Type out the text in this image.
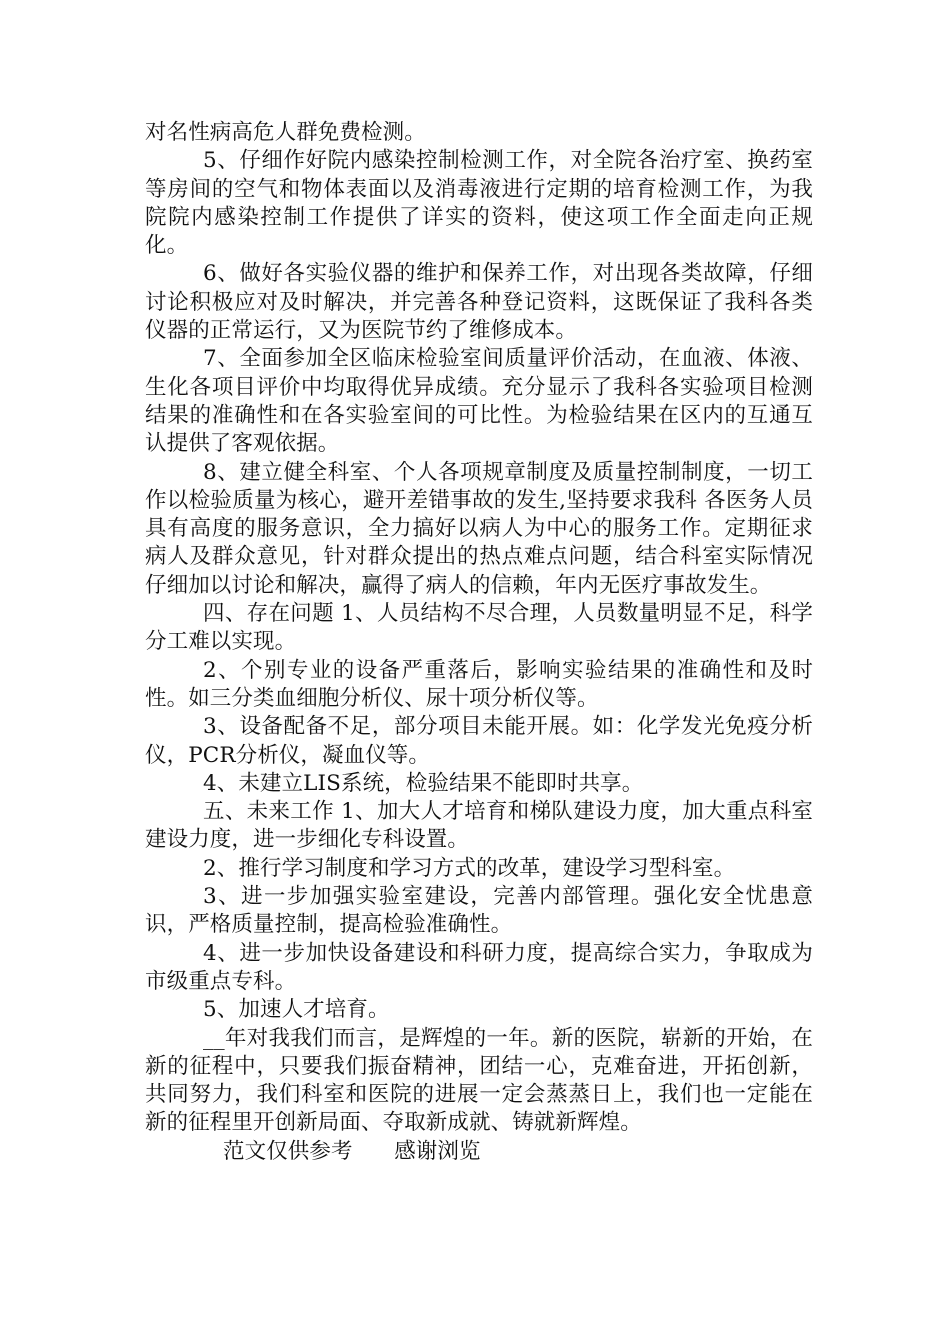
对名性病高危人群免费检测。

5、仔细作好院内感染控制检测工作，对全院各治疗室、换药室等房间的空气和物体表面以及消毒液进行定期的培育检测工作，为我院院内感染控制工作提供了详实的资料，使这项工作全面走向正规化。

6、做好各实验仪器的维护和保养工作，对出现各类故障，仔细讨论积极应对及时解决，并完善各种登记资料，这既保证了我科各类仪器的正常运行，又为医院节约了维修成本。

7、全面参加全区临床检验室间质量评价活动，在血液、体液、生化各项目评价中均取得优异成绩。充分显示了我科各实验项目检测结果的准确性和在各实验室间的可比性。为检验结果在区内的互通互认提供了客观依据。

8、建立健全科室、个人各项规章制度及质量控制制度，一切工作以检验质量为核心，避开差错事故的发生,坚持要求我科 各医务人员具有高度的服务意识，全力搞好以病人为中心的服务工作。定期征求病人及群众意见，针对群众提出的热点难点问题，结合科室实际情况仔细加以讨论和解决，赢得了病人的信赖，年内无医疗事故发生。

四、存在问题 1、人员结构不尽合理，人员数量明显不足，科学分工难以实现。

2、个别专业的设备严重落后，影响实验结果的准确性和及时性。如三分类血细胞分析仪、尿十项分析仪等。

3、设备配备不足，部分项目未能开展。如：化学发光免疫分析仪，PCR分析仪，凝血仪等。

4、未建立LIS系统，检验结果不能即时共享。

五、未来工作 1、加大人才培育和梯队建设力度，加大重点科室建设力度，进一步细化专科设置。

2、推行学习制度和学习方式的改革，建设学习型科室。

3、进一步加强实验室建设，完善内部管理。强化安全忧患意识，严格质量控制，提高检验准确性。

4、进一步加快设备建设和科研力度，提高综合实力，争取成为市级重点专科。

5、加速人才培育。

__年对我我们而言，是辉煌的一年。新的医院，崭新的开始，在新的征程中，只要我们振奋精神，团结一心，克难奋进，开拓创新，共同努力，我们科室和医院的进展一定会蒸蒸日上，我们也一定能在新的征程里开创新局面、夺取新成就、铸就新辉煌。

范文仅供参考      感谢浏览
